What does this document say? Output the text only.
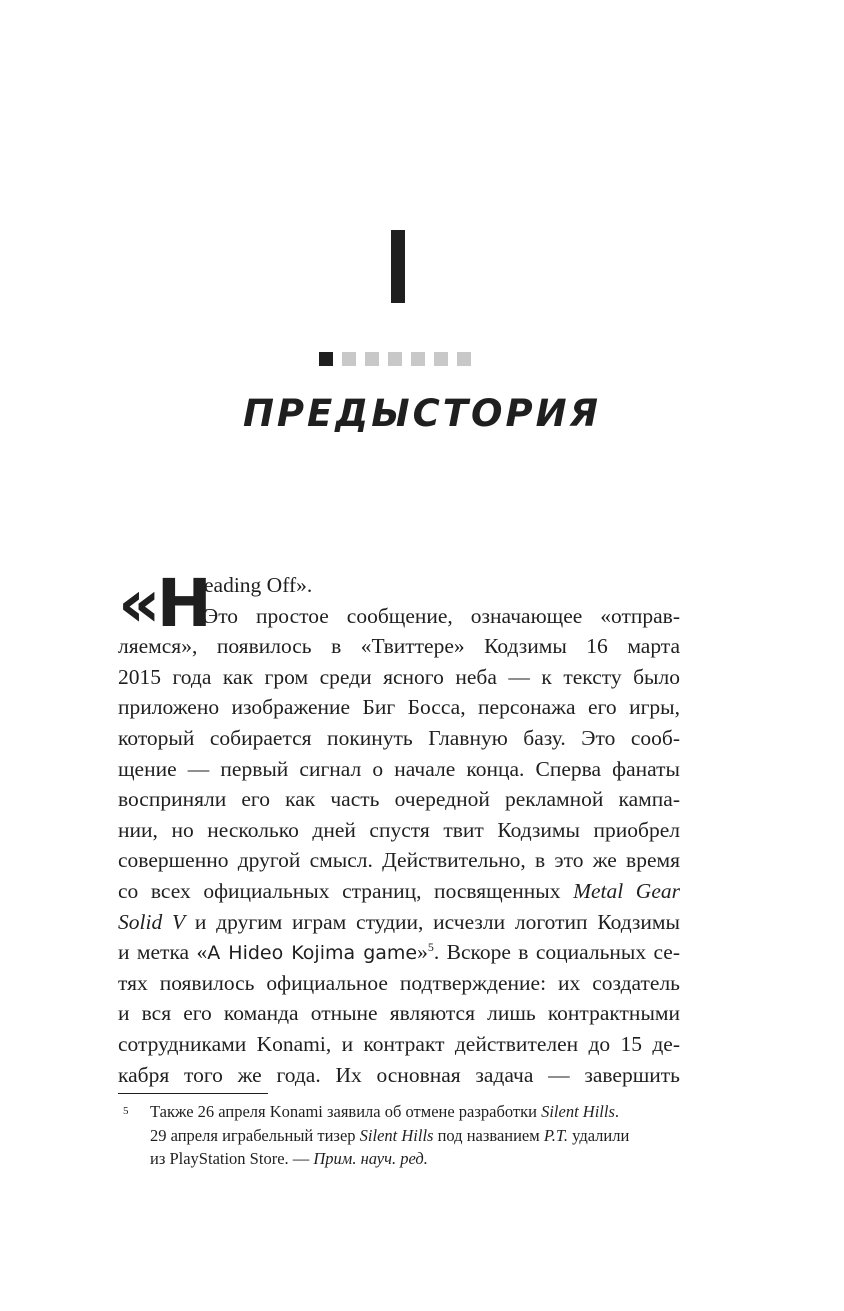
ПРЕДЫСТОРИЯ
«H
eading Off».
Это простое сообщение, означающее «отправ-
ляемся», появилось в «Твиттере» Кодзимы 16 марта
2015 года как гром среди ясного неба — к тексту было
приложено изображение Биг Босса, персонажа его игры,
который собирается покинуть Главную базу. Это сооб-
щение — первый сигнал о начале конца. Сперва фанаты
восприняли его как часть очередной рекламной кампа-
нии, но несколько дней спустя твит Кодзимы приобрел
совершенно другой смысл. Действительно, в это же время
со всех официальных страниц, посвященных Metal Gear
Solid V и другим играм студии, исчезли логотип Кодзимы
и метка «A Hideo Kojima game»$^5$. Вскоре в социальных се-
тях появилось официальное подтверждение: их создатель
и вся его команда отныне являются лишь контрактными
сотрудниками Konami, и контракт действителен до 15 де-
кабря того же года. Их основная задача — завершить
5 Также 26 апреля Konami заявила об отмене разработки Silent Hills.
29 апреля играбельный тизер Silent Hills под названием P.T. удалили
из PlayStation Store. — Прим. науч. ред.
